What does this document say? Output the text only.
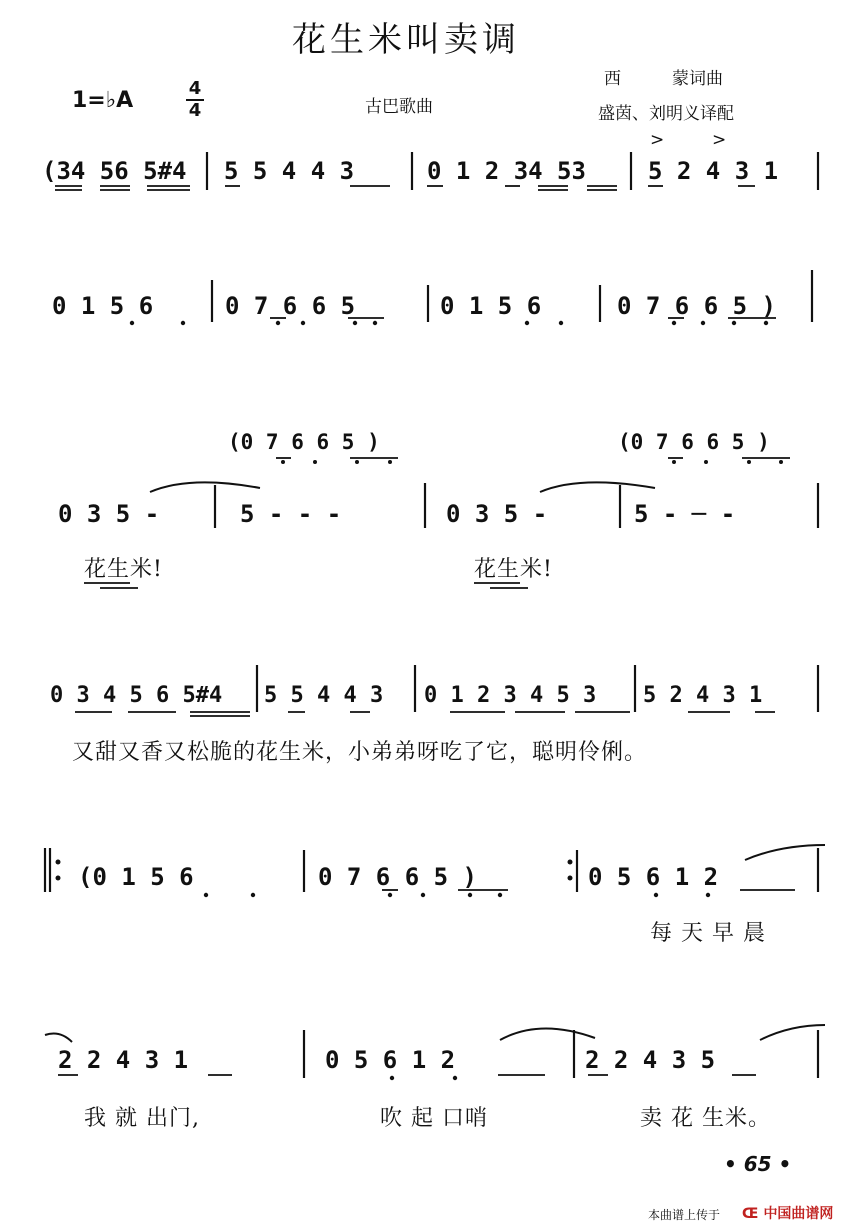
花生米叫卖调
1=♭A	4
4	古巴歌曲
西　　　蒙词曲
盛茵、刘明义译配
>	>
(34 56 5#4 5 5 4 4 3	0 1 2 34 53	5 2 4 3 1
0 1 5 6	0 7 6 6 5	0 1 5 6	0 7 6 6 5 )
(0 7 6 6 5 )	(0 7 6 6 5 )
0 3 5 -	5 - - -	0 3 5 -	5 - ─ -
花生米!	花生米!
0 3 4 5 6 5#4 5 5 4 4 3 0 1 2 3 4 5 3 5 2 4 3 1
又甜又香又松脆的花生米，小弟弟呀吃了它，聪明伶俐。
(0 1 5 6	0 7 6 6 5 )	0 5 6 1 2
每 天 早 晨
2 2 4 3 1	0 5 6 1 2	2 2 4 3 5
我 就 出门,	吹 起 口哨	卖 花 生米。
• 65 •
本曲谱上传于 Œ 中国曲谱网
